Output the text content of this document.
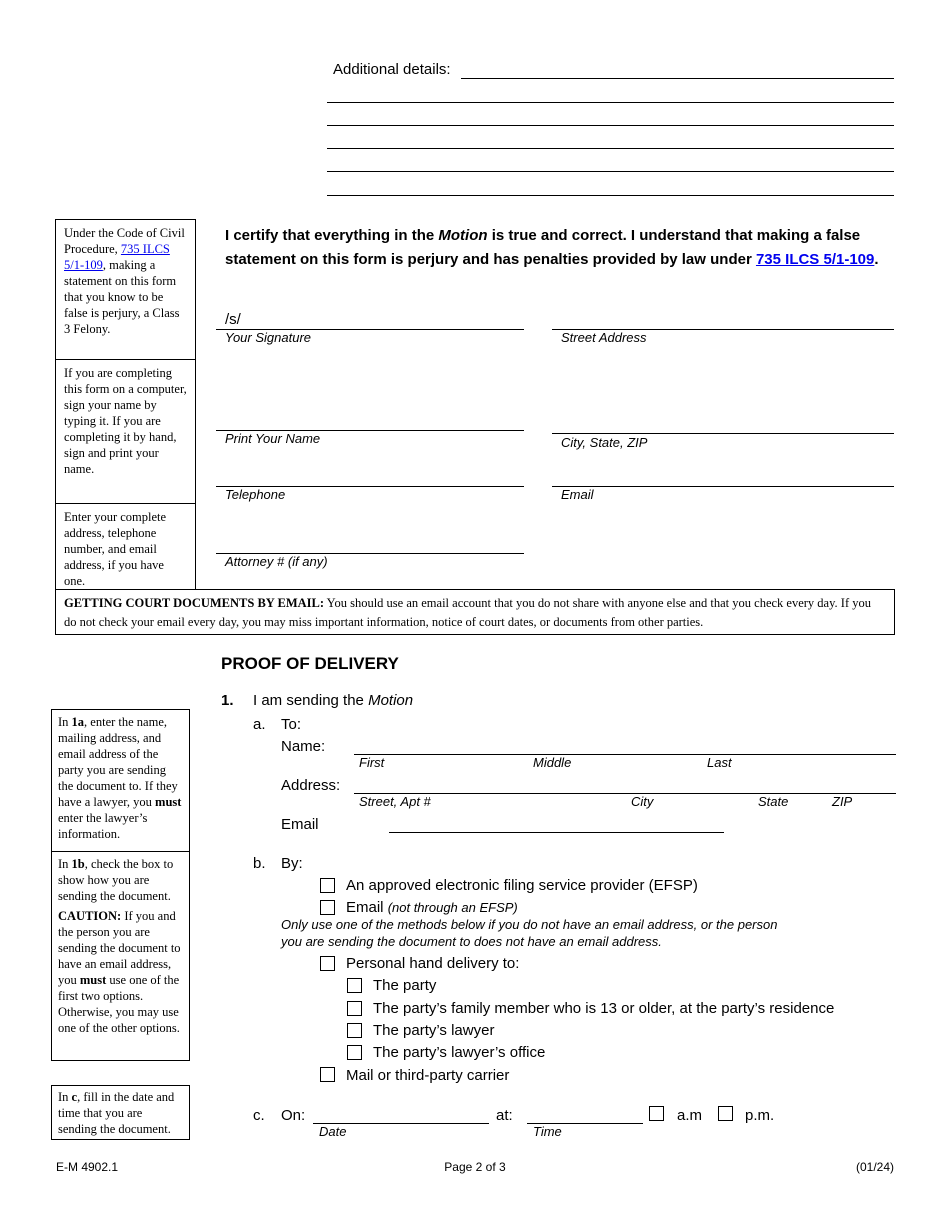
Additional details:
Under the Code of Civil Procedure, 735 ILCS 5/1-109, making a statement on this form that you know to be false is perjury, a Class 3 Felony.
If you are completing this form on a computer, sign your name by typing it. If you are completing it by hand, sign and print your name.
Enter your complete address, telephone number, and email address, if you have one.
I certify that everything in the Motion is true and correct. I understand that making a false statement on this form is perjury and has penalties provided by law under 735 ILCS 5/1-109.
/s/
Your Signature	Street Address
Print Your Name	City, State, ZIP
Telephone	Email
Attorney # (if any)
GETTING COURT DOCUMENTS BY EMAIL: You should use an email account that you do not share with anyone else and that you check every day. If you do not check your email every day, you may miss important information, notice of court dates, or documents from other parties.
PROOF OF DELIVERY
1. I am sending the Motion
a. To:
Name:
First	Middle	Last
Address:
Street, Apt #	City	State	ZIP
Email
b. By:
An approved electronic filing service provider (EFSP)
Email (not through an EFSP)
Only use one of the methods below if you do not have an email address, or the person you are sending the document to does not have an email address.
Personal hand delivery to:
The party
The party’s family member who is 13 or older, at the party’s residence
The party’s lawyer
The party’s lawyer’s office
Mail or third-party carrier
c. On:
Date
at:
Time
a.m	p.m.
In 1a, enter the name, mailing address, and email address of the party you are sending the document to. If they have a lawyer, you must enter the lawyer’s information.
In 1b, check the box to show how you are sending the document.
CAUTION: If you and the person you are sending the document to have an email address, you must use one of the first two options. Otherwise, you may use one of the other options.
In c, fill in the date and time that you are sending the document.
E-M 4902.1	Page 2 of 3	(01/24)
